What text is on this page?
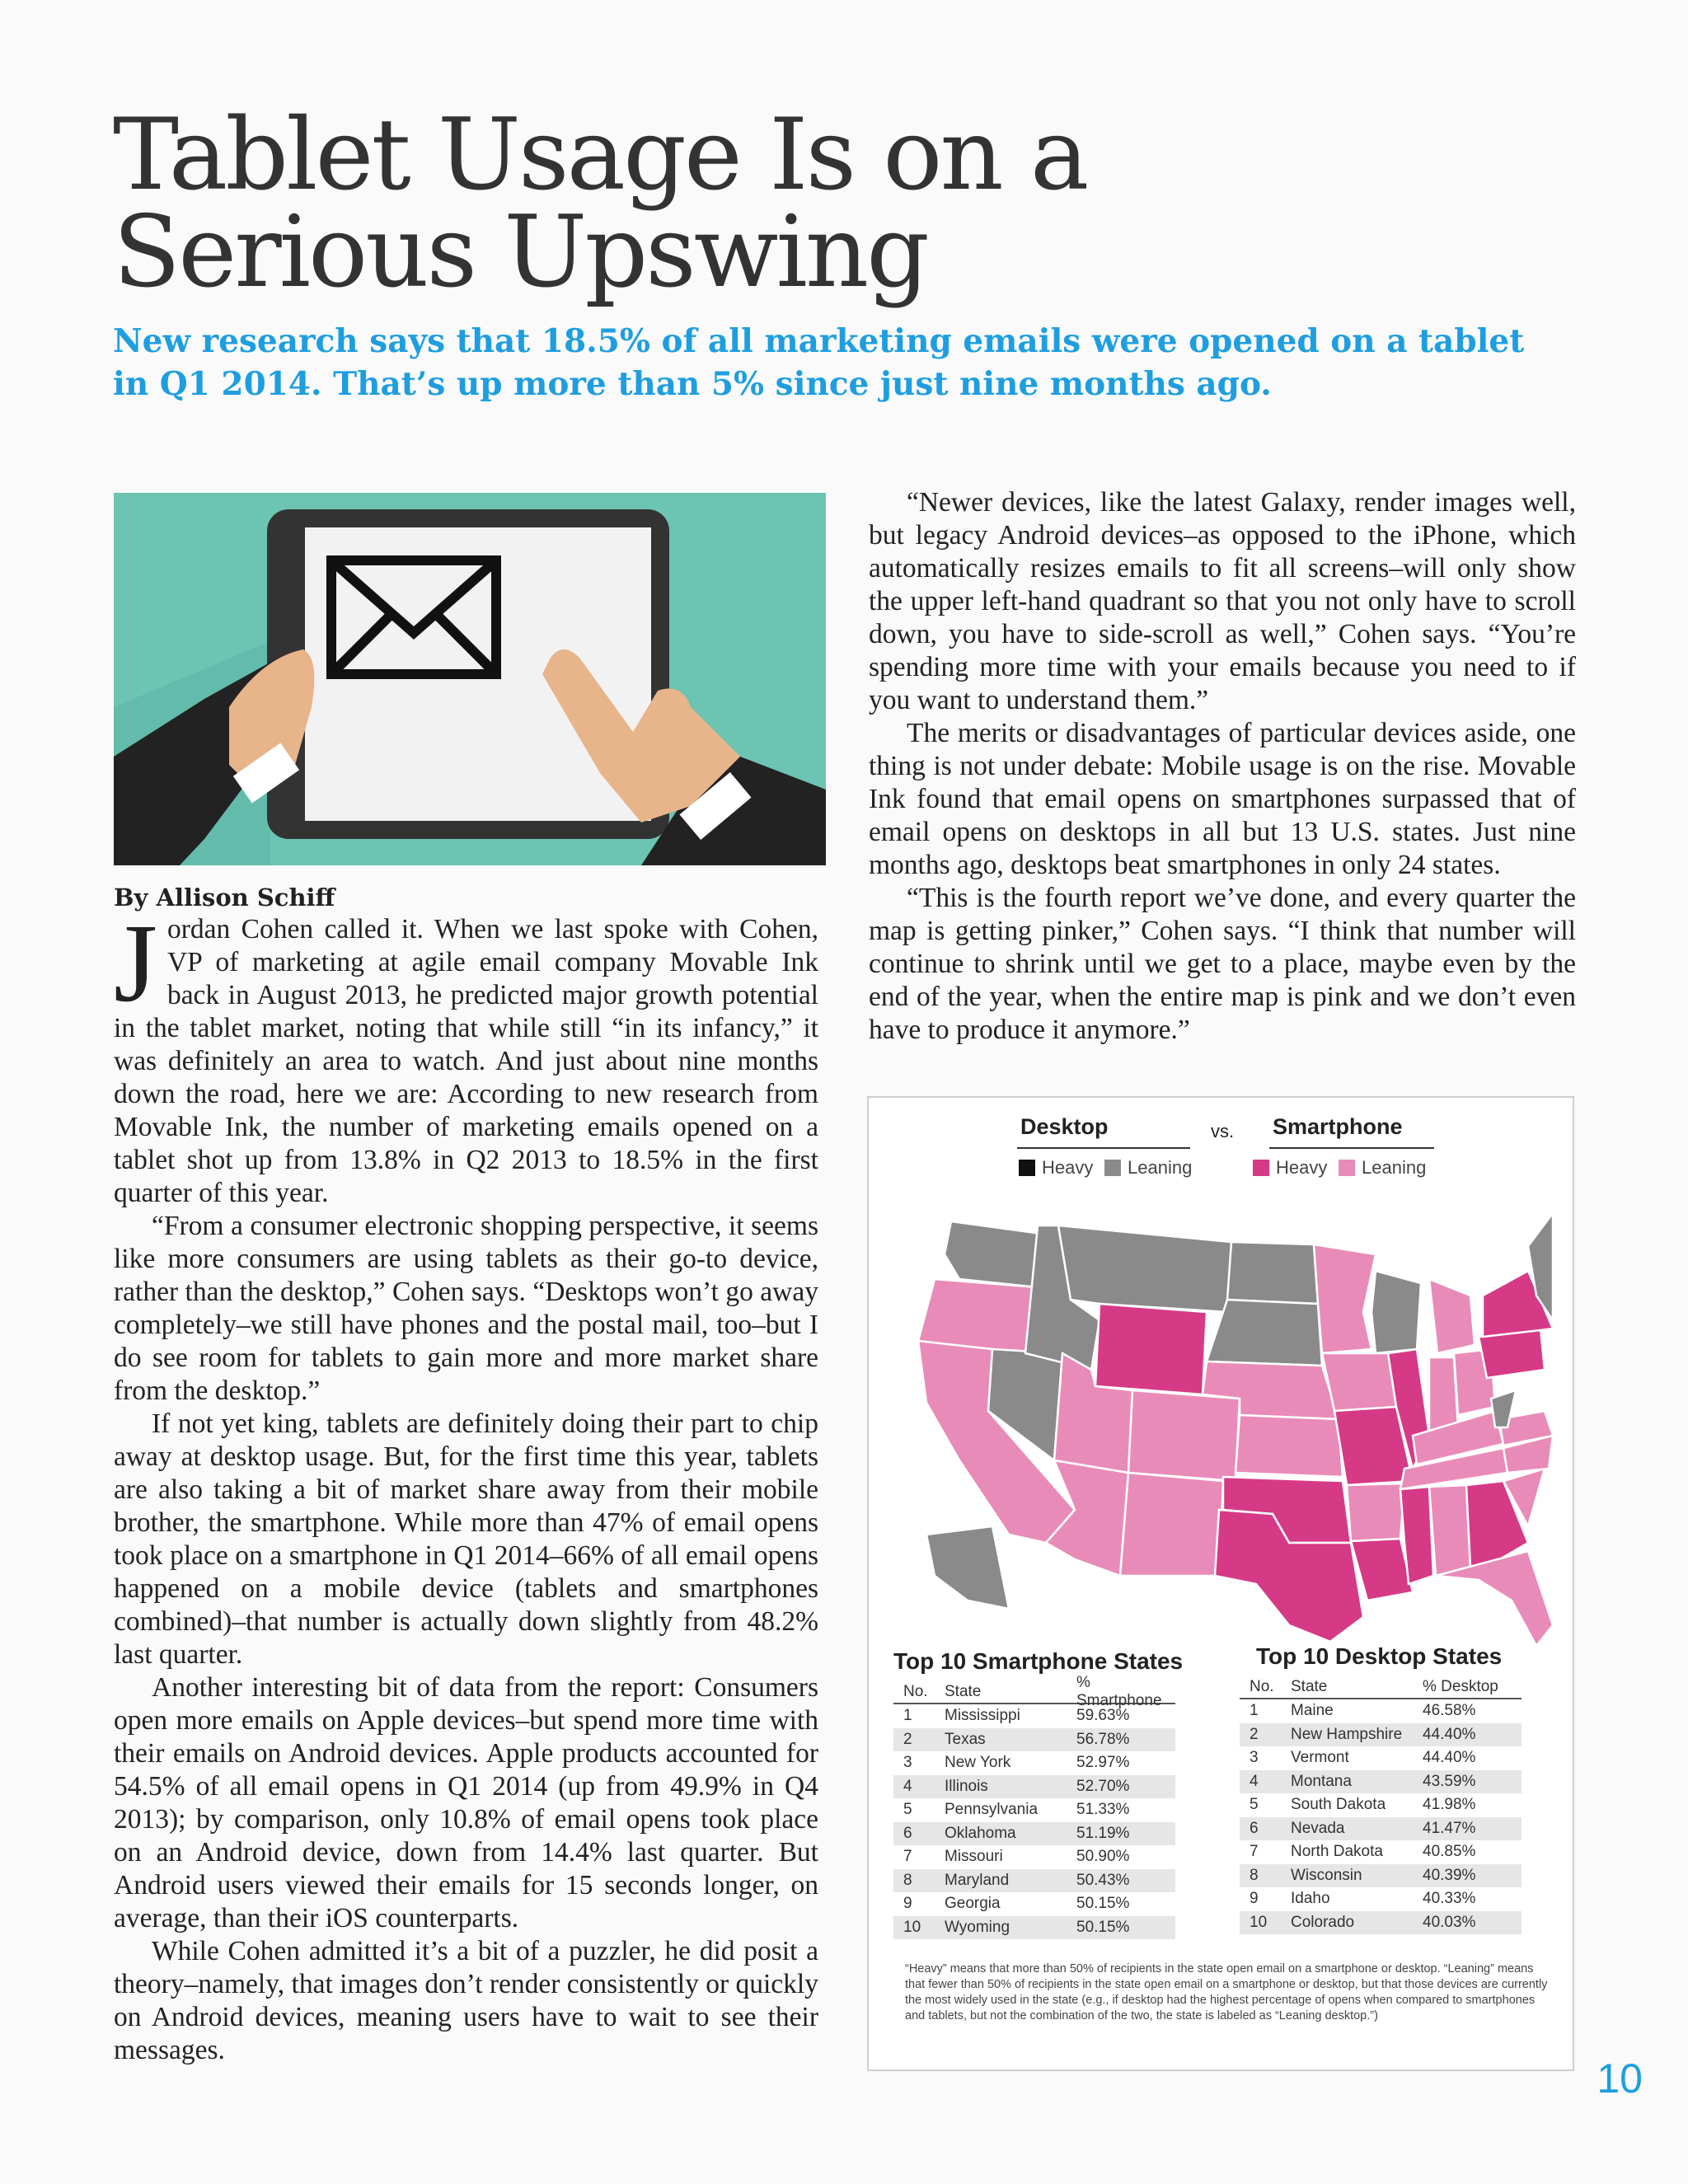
Tablet Usage Is on a
Serious Upswing

New research says that 18.5% of all marketing emails were opened on a tablet in Q1 2014. That’s up more than 5% since just nine months ago.

By Allison Schiff

Jordan Cohen called it. When we last spoke with Cohen, VP of marketing at agile email company Movable Ink back in August 2013, he predicted major growth potential in the tablet market, noting that while still “in its infancy,” it was definitely an area to watch. And just about nine months down the road, here we are: According to new research from Movable Ink, the number of marketing emails opened on a tablet shot up from 13.8% in Q2 2013 to 18.5% in the first quarter of this year.

“From a consumer electronic shopping perspective, it seems like more consumers are using tablets as their go-to device, rather than the desktop,” Cohen says. “Desktops won’t go away completely–we still have phones and the postal mail, too–but I do see room for tablets to gain more and more market share from the desktop.”

If not yet king, tablets are definitely doing their part to chip away at desktop usage. But, for the first time this year, tablets are also taking a bit of market share away from their mobile brother, the smartphone. While more than 47% of email opens took place on a smartphone in Q1 2014–66% of all email opens happened on a mobile device (tablets and smartphones combined)–that number is actually down slightly from 48.2% last quarter.

Another interesting bit of data from the report: Consumers open more emails on Apple devices–but spend more time with their emails on Android devices. Apple products accounted for 54.5% of all email opens in Q1 2014 (up from 49.9% in Q4 2013); by comparison, only 10.8% of email opens took place on an Android device, down from 14.4% last quarter. But Android users viewed their emails for 15 seconds longer, on average, than their iOS counterparts.

While Cohen admitted it’s a bit of a puzzler, he did posit a theory–namely, that images don’t render consistently or quickly on Android devices, meaning users have to wait to see their messages.

“Newer devices, like the latest Galaxy, render images well, but legacy Android devices–as opposed to the iPhone, which automatically resizes emails to fit all screens–will only show the upper left-hand quadrant so that you not only have to scroll down, you have to side-scroll as well,” Cohen says. “You’re spending more time with your emails because you need to if you want to understand them.”

The merits or disadvantages of particular devices aside, one thing is not under debate: Mobile usage is on the rise. Movable Ink found that email opens on smartphones surpassed that of email opens on desktops in all but 13 U.S. states. Just nine months ago, desktops beat smartphones in only 24 states.

“This is the fourth report we’ve done, and every quarter the map is getting pinker,” Cohen says. “I think that number will continue to shrink until we get to a place, maybe even by the end of the year, when the entire map is pink and we don’t even have to produce it anymore.”

Desktop	vs. Smartphone
Heavy Leaning	Heavy Leaning
Top 10 Smartphone States
No.	State
% Smartphone
1	Mississippi	59.63%
2	Texas	56.78%
3	New York	52.97%
4	Illinois	52.70%
5	Pennsylvania	51.33%
6	Oklahoma	51.19%
7	Missouri	50.90%
8	Maryland	50.43%
9	Georgia	50.15%
10	Wyoming	50.15%
Top 10 Desktop States
No.	State	% Desktop
1	Maine	46.58%
2	New Hampshire	44.40%
3	Vermont	44.40%
4	Montana	43.59%
5	South Dakota	41.98%
6	Nevada	41.47%
7	North Dakota	40.85%
8	Wisconsin	40.39%
9	Idaho	40.33%
10	Colorado	40.03%

“Heavy” means that more than 50% of recipients in the state open email on a smartphone or desktop. “Leaning” means that fewer than 50% of recipients in the state open email on a smartphone or desktop, but that those devices are currently the most widely used in the state (e.g., if desktop had the highest percentage of opens when compared to smartphones and tablets, but not the combination of the two, the state is labeled as “Leaning desktop.”)

10
